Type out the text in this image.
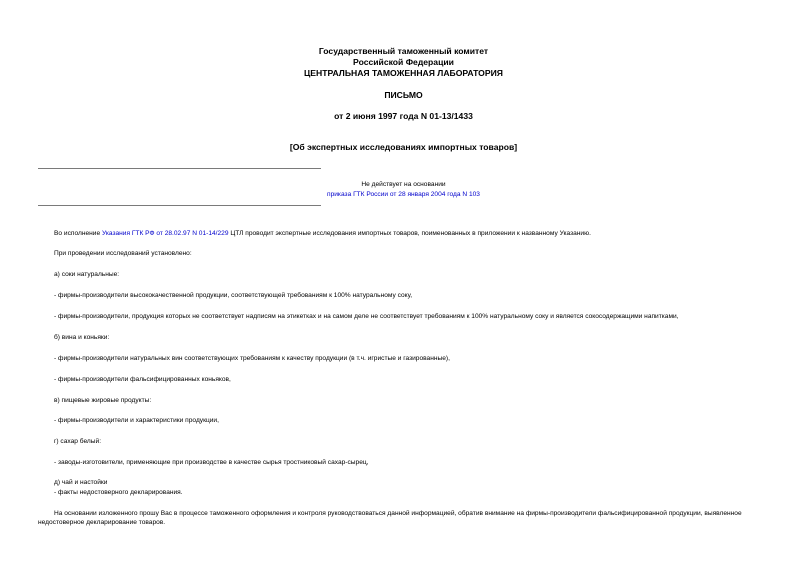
Государственный таможенный комитет
Российской Федерации
ЦЕНТРАЛЬНАЯ ТАМОЖЕННАЯ ЛАБОРАТОРИЯ
ПИСЬМО
от 2 июня 1997 года N 01-13/1433
[Об экспертных исследованиях импортных товаров]
Не действует на основании
приказа ГТК России от 28 января 2004 года N 103
Во исполнение Указания ГТК РФ от 28.02.97 N 01-14/229 ЦТЛ проводит экспертные исследования импортных товаров, поименованных в приложении к названному Указанию.
При проведении исследований установлено:
а) соки натуральные:
- фирмы-производители высококачественной продукции, соответствующей требованиям к 100% натуральному соку,
- фирмы-производители, продукция которых не соответствует надписям на этикетках и на самом деле не соответствует требованиям к 100% натуральному соку и является сокосодержащими напитками,
б) вина и коньяки:
- фирмы-производители натуральных вин соответствующих требованиям к качеству продукции (в т.ч. игристые и газированные),
- фирмы-производители фальсифицированных коньяков,
в) пищевые жировые продукты:
- фирмы-производители и характеристики продукции,
г) сахар белый:
- заводы-изготовители, применяющие при производстве в качестве сырья тростниковый сахар-сырец,
д) чай и настойки
- факты недостоверного декларирования.
На основании изложенного прошу Вас в процессе таможенного оформления и контроля руководствоваться данной информацией, обратив внимание на фирмы-производители фальсифицированной продукции, выявленное недостоверное декларирование товаров.
